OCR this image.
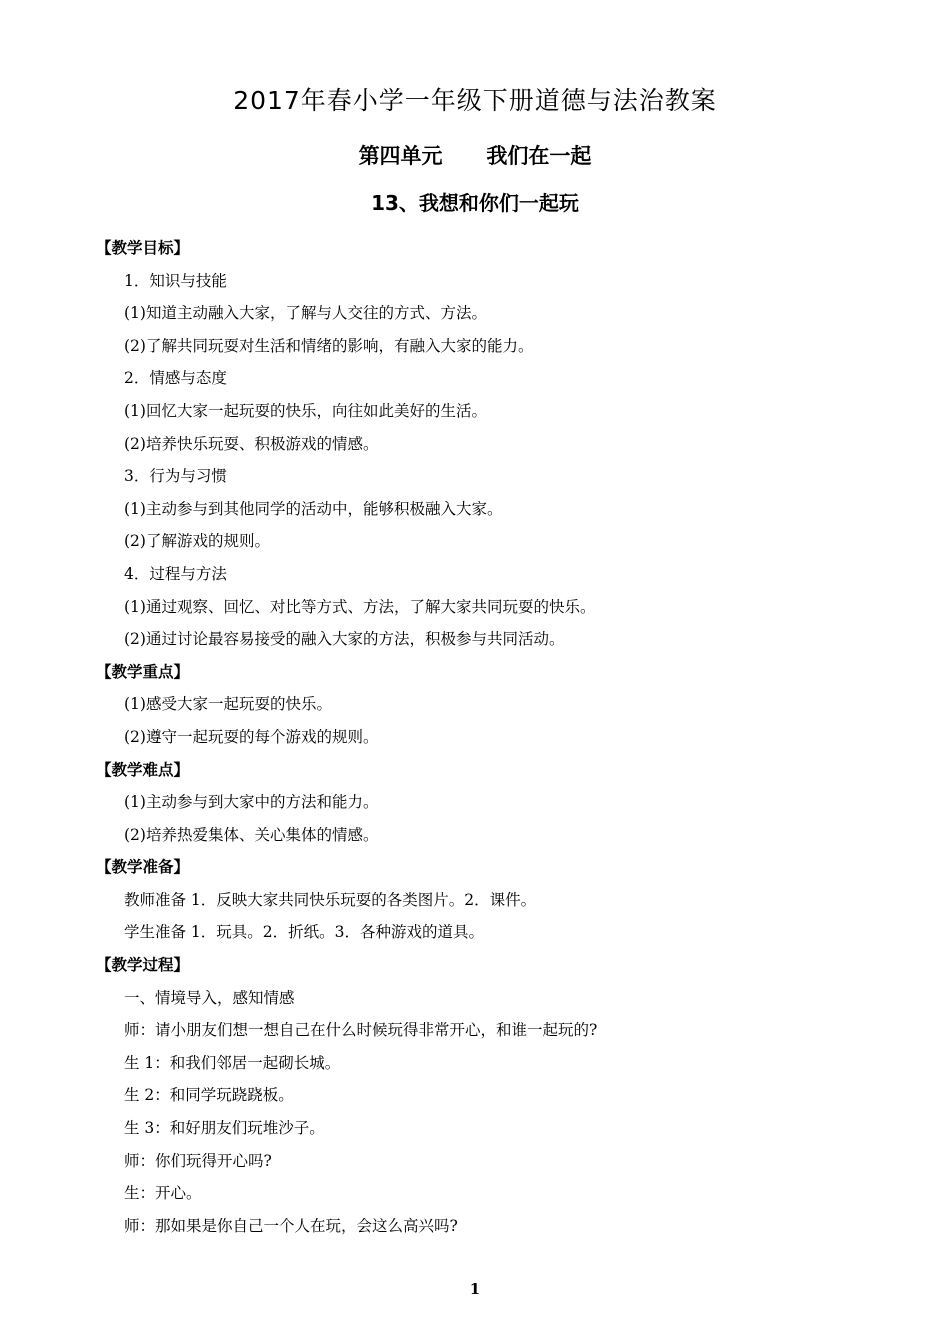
2017年春小学一年级下册道德与法治教案
第四单元      我们在一起
13、我想和你们一起玩
【教学目标】
1．知识与技能
(1)知道主动融入大家，了解与人交往的方式、方法。
(2)了解共同玩耍对生活和情绪的影响，有融入大家的能力。
2．情感与态度
(1)回忆大家一起玩耍的快乐，向往如此美好的生活。
(2)培养快乐玩耍、积极游戏的情感。
3．行为与习惯
(1)主动参与到其他同学的活动中，能够积极融入大家。
(2)了解游戏的规则。
4．过程与方法
(1)通过观察、回忆、对比等方式、方法，了解大家共同玩耍的快乐。
(2)通过讨论最容易接受的融入大家的方法，积极参与共同活动。
【教学重点】
(1)感受大家一起玩耍的快乐。
(2)遵守一起玩耍的每个游戏的规则。
【教学难点】
(1)主动参与到大家中的方法和能力。
(2)培养热爱集体、关心集体的情感。
【教学准备】
教师准备 1．反映大家共同快乐玩耍的各类图片。2．课件。
学生准备 1．玩具。2．折纸。3．各种游戏的道具。
【教学过程】
一、情境导入，感知情感
师：请小朋友们想一想自己在什么时候玩得非常开心，和谁一起玩的?
生 1：和我们邻居一起砌长城。
生 2：和同学玩跷跷板。
生 3：和好朋友们玩堆沙子。
师：你们玩得开心吗?
生：开心。
师：那如果是你自己一个人在玩，会这么高兴吗?
1
